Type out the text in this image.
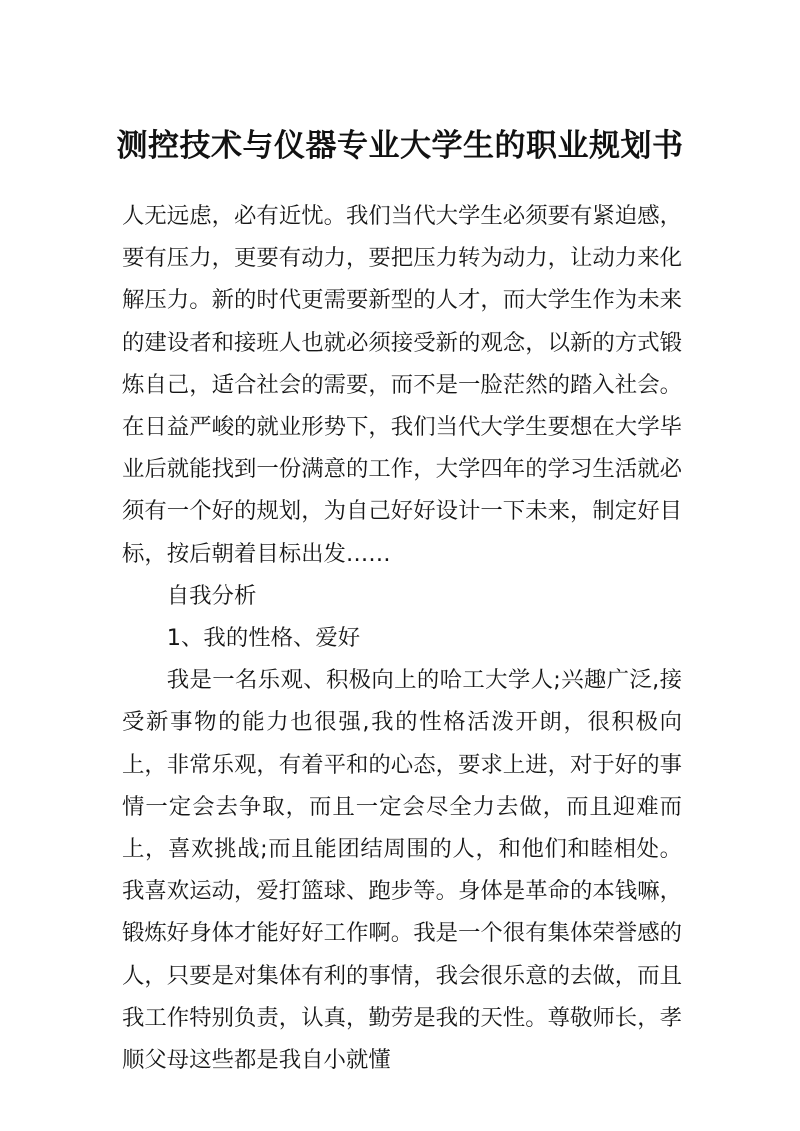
测控技术与仪器专业大学生的职业规划书

人无远虑，必有近忧。我们当代大学生必须要有紧迫感，要有压力，更要有动力，要把压力转为动力，让动力来化解压力。新的时代更需要新型的人才，而大学生作为未来的建设者和接班人也就必须接受新的观念，以新的方式锻炼自己，适合社会的需要，而不是一脸茫然的踏入社会。在日益严峻的就业形势下，我们当代大学生要想在大学毕业后就能找到一份满意的工作，大学四年的学习生活就必须有一个好的规划，为自己好好设计一下未来，制定好目标，按后朝着目标出发……

自我分析

1、我的性格、爱好

我是一名乐观、积极向上的哈工大学人;兴趣广泛,接受新事物的能力也很强,我的性格活泼开朗，很积极向上，非常乐观，有着平和的心态，要求上进，对于好的事情一定会去争取，而且一定会尽全力去做，而且迎难而上，喜欢挑战;而且能团结周围的人，和他们和睦相处。我喜欢运动，爱打篮球、跑步等。身体是革命的本钱嘛，锻炼好身体才能好好工作啊。我是一个很有集体荣誉感的人，只要是对集体有利的事情，我会很乐意的去做，而且我工作特别负责，认真，勤劳是我的天性。尊敬师长，孝顺父母这些都是我自小就懂
